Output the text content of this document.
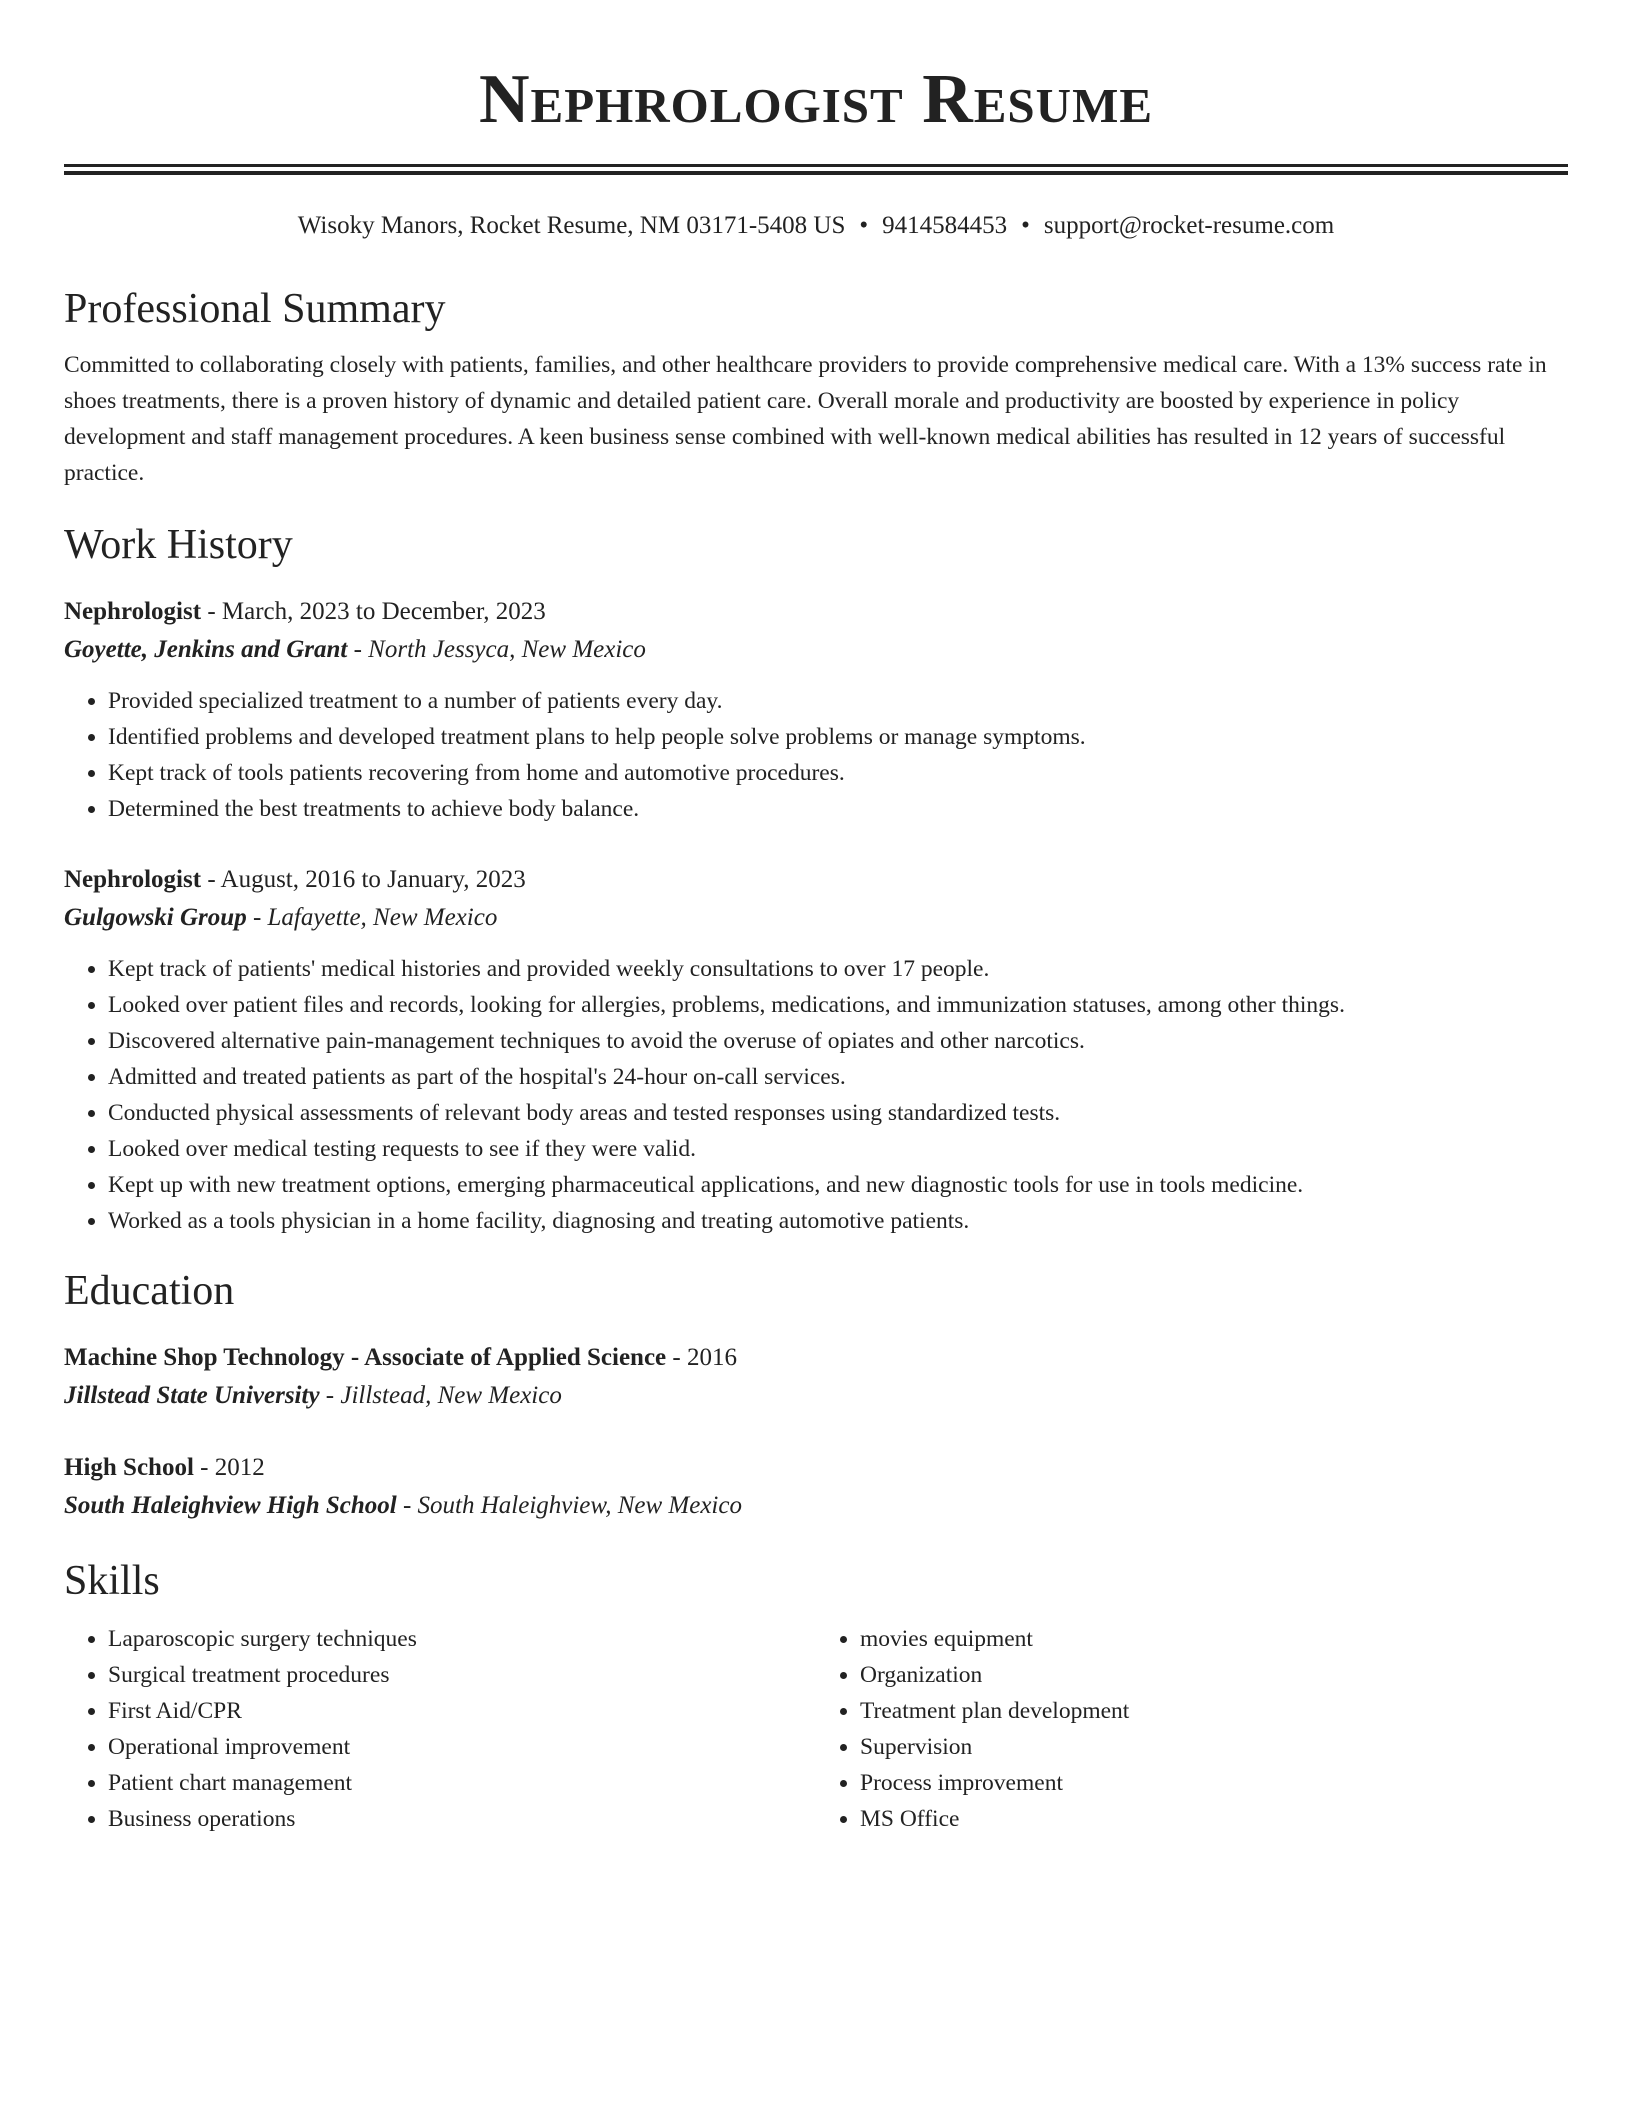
Nephrologist Resume
Wisoky Manors, Rocket Resume, NM 03171-5408 US • 9414584453 • support@rocket-resume.com
Professional Summary

Committed to collaborating closely with patients, families, and other healthcare providers to provide comprehensive medical care. With a 13% success rate in shoes treatments, there is a proven history of dynamic and detailed patient care. Overall morale and productivity are boosted by experience in policy development and staff management procedures. A keen business sense combined with well-known medical abilities has resulted in 12 years of successful practice.

Work History
Nephrologist - March, 2023 to December, 2023
Goyette, Jenkins and Grant - North Jessyca, New Mexico
• Provided specialized treatment to a number of patients every day.
• Identified problems and developed treatment plans to help people solve problems or manage symptoms.
• Kept track of tools patients recovering from home and automotive procedures.
• Determined the best treatments to achieve body balance.
Nephrologist - August, 2016 to January, 2023
Gulgowski Group - Lafayette, New Mexico
• Kept track of patients' medical histories and provided weekly consultations to over 17 people.
• Looked over patient files and records, looking for allergies, problems, medications, and immunization statuses, among other things.
• Discovered alternative pain-management techniques to avoid the overuse of opiates and other narcotics.
• Admitted and treated patients as part of the hospital's 24-hour on-call services.
• Conducted physical assessments of relevant body areas and tested responses using standardized tests.
• Looked over medical testing requests to see if they were valid.
• Kept up with new treatment options, emerging pharmaceutical applications, and new diagnostic tools for use in tools medicine.
• Worked as a tools physician in a home facility, diagnosing and treating automotive patients.
Education
Machine Shop Technology - Associate of Applied Science - 2016
Jillstead State University - Jillstead, New Mexico
High School - 2012
South Haleighview High School - South Haleighview, New Mexico
Skills
• Laparoscopic surgery techniques
• Surgical treatment procedures
• First Aid/CPR
• Operational improvement
• Patient chart management
• Business operations
• movies equipment
• Organization
• Treatment plan development
• Supervision
• Process improvement
• MS Office
